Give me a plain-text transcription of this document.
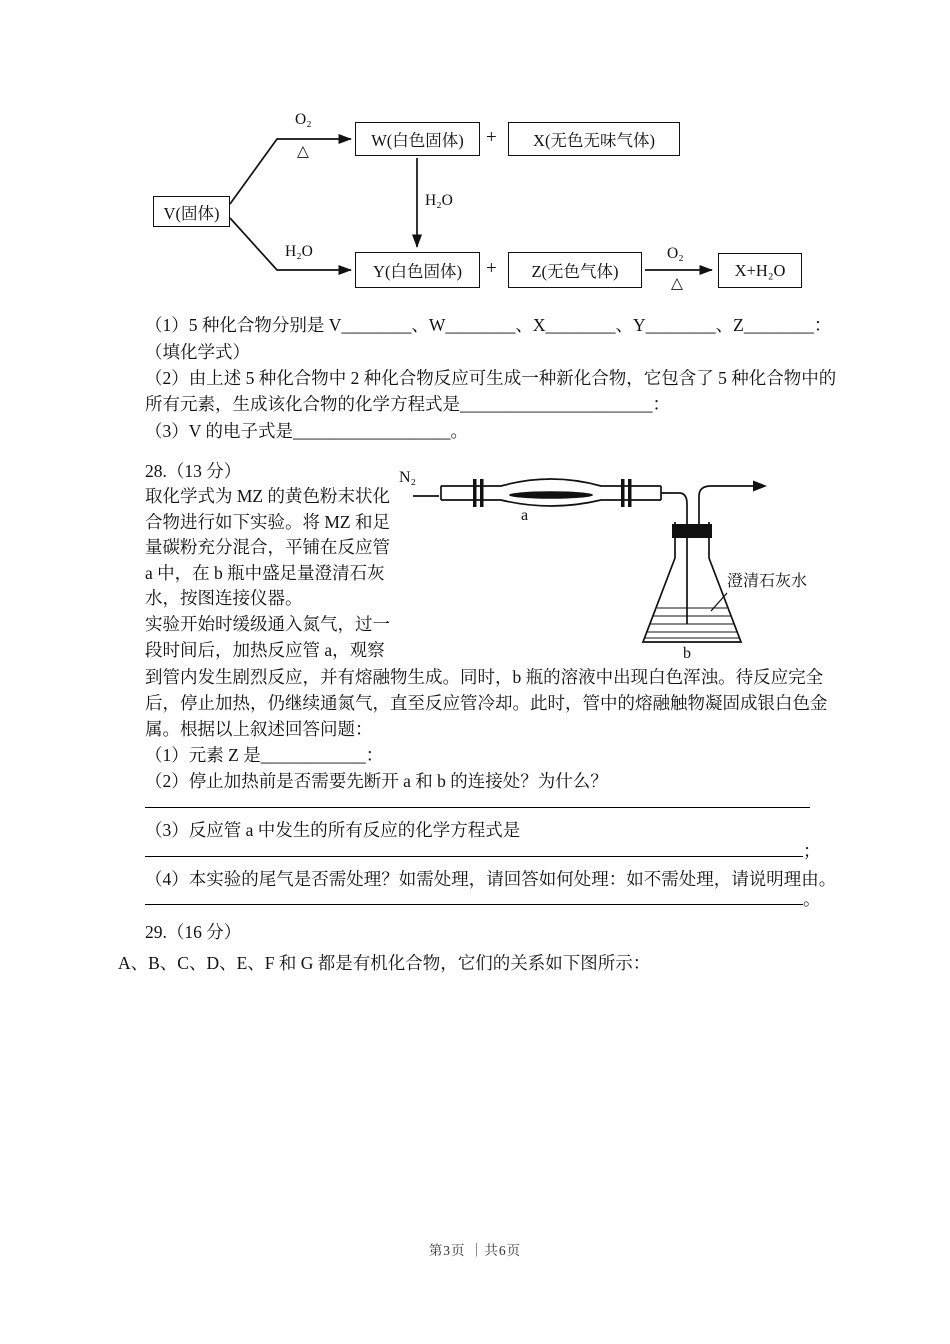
V(固体)
W(白色固体)	X(无色无味气体)
Y(白色固体)	Z(无色气体)	X+H₂O
+
+
O₂
△
H₂O
H₂O	O₂
△
（1）5 种化合物分别是 V________、W________、X________、Y________、Z________：
（填化学式）
（2）由上述 5 种化合物中 2 种化合物反应可生成一种新化合物，它包含了 5 种化合物中的
所有元素，生成该化合物的化学方程式是______________________：
（3）V 的电子式是__________________。
28.（13 分）
取化学式为 MZ 的黄色粉末状化
合物进行如下实验。将 MZ 和足
量碳粉充分混合，平铺在反应管
a 中，在 b 瓶中盛足量澄清石灰
水，按图连接仪器。
实验开始时缓级通入氮气，过一
段时间后，加热反应管 a，观察
N₂
a
b
澄清石灰水
到管内发生剧烈反应，并有熔融物生成。同时，b 瓶的溶液中出现白色浑浊。待反应完全
后，停止加热，仍继续通氮气，直至反应管冷却。此时，管中的熔融触物凝固成银白色金
属。根据以上叙述回答问题：
（1）元素 Z 是____________：
（2）停止加热前是否需要先断开 a 和 b 的连接处？为什么？
（3）反应管 a 中发生的所有反应的化学方程式是
；
（4）本实验的尾气是否需处理？如需处理，请回答如何处理：如不需处理，请说明理由。
。
29.（16 分）
A、B、C、D、E、F 和 G 都是有机化合物，它们的关系如下图所示：
第3页 ｜共6页
